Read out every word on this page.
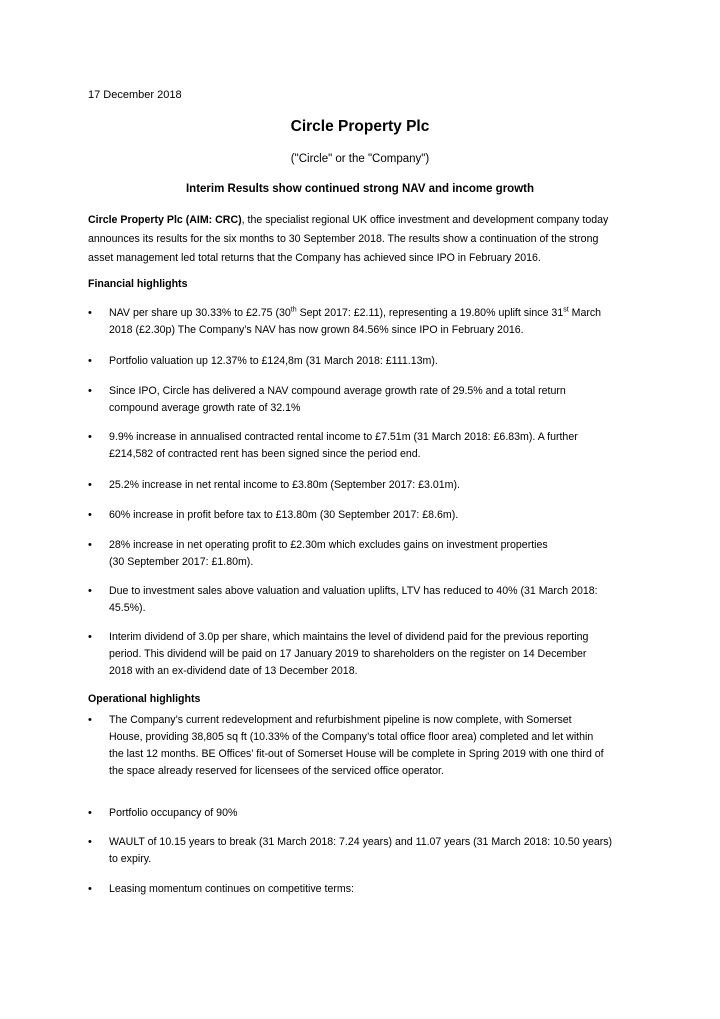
17 December 2018
Circle Property Plc
("Circle" or the "Company")
Interim Results show continued strong NAV and income growth
Circle Property Plc (AIM: CRC), the specialist regional UK office investment and development company today
announces its results for the six months to 30 September 2018. The results show a continuation of the strong
asset management led total returns that the Company has achieved since IPO in February 2016.
Financial highlights
•	NAV per share up 30.33% to £2.75 (30th Sept 2017: £2.11), representing a 19.80% uplift since 31st March
2018 (£2.30p) The Company’s NAV has now grown 84.56% since IPO in February 2016.
•	Portfolio valuation up 12.37% to £124,8m (31 March 2018: £111.13m).
•	Since IPO, Circle has delivered a NAV compound average growth rate of 29.5% and a total return
compound average growth rate of 32.1%
•	9.9% increase in annualised contracted rental income to £7.51m (31 March 2018: £6.83m). A further
£214,582 of contracted rent has been signed since the period end.
•	25.2% increase in net rental income to £3.80m (September 2017: £3.01m).
•	60% increase in profit before tax to £13.80m (30 September 2017: £8.6m).
•	28% increase in net operating profit to £2.30m which excludes gains on investment properties
(30 September 2017: £1.80m).
•	Due to investment sales above valuation and valuation uplifts, LTV has reduced to 40% (31 March 2018:
45.5%).
•	Interim dividend of 3.0p per share, which maintains the level of dividend paid for the previous reporting
period. This dividend will be paid on 17 January 2019 to shareholders on the register on 14 December
2018 with an ex-dividend date of 13 December 2018.
Operational highlights
•	The Company’s current redevelopment and refurbishment pipeline is now complete, with Somerset
House, providing 38,805 sq ft (10.33% of the Company’s total office floor area) completed and let within
the last 12 months. BE Offices’ fit-out of Somerset House will be complete in Spring 2019 with one third of
the space already reserved for licensees of the serviced office operator.
•	Portfolio occupancy of 90%
•	WAULT of 10.15 years to break (31 March 2018: 7.24 years) and 11.07 years (31 March 2018: 10.50 years)
to expiry.
•	Leasing momentum continues on competitive terms:
